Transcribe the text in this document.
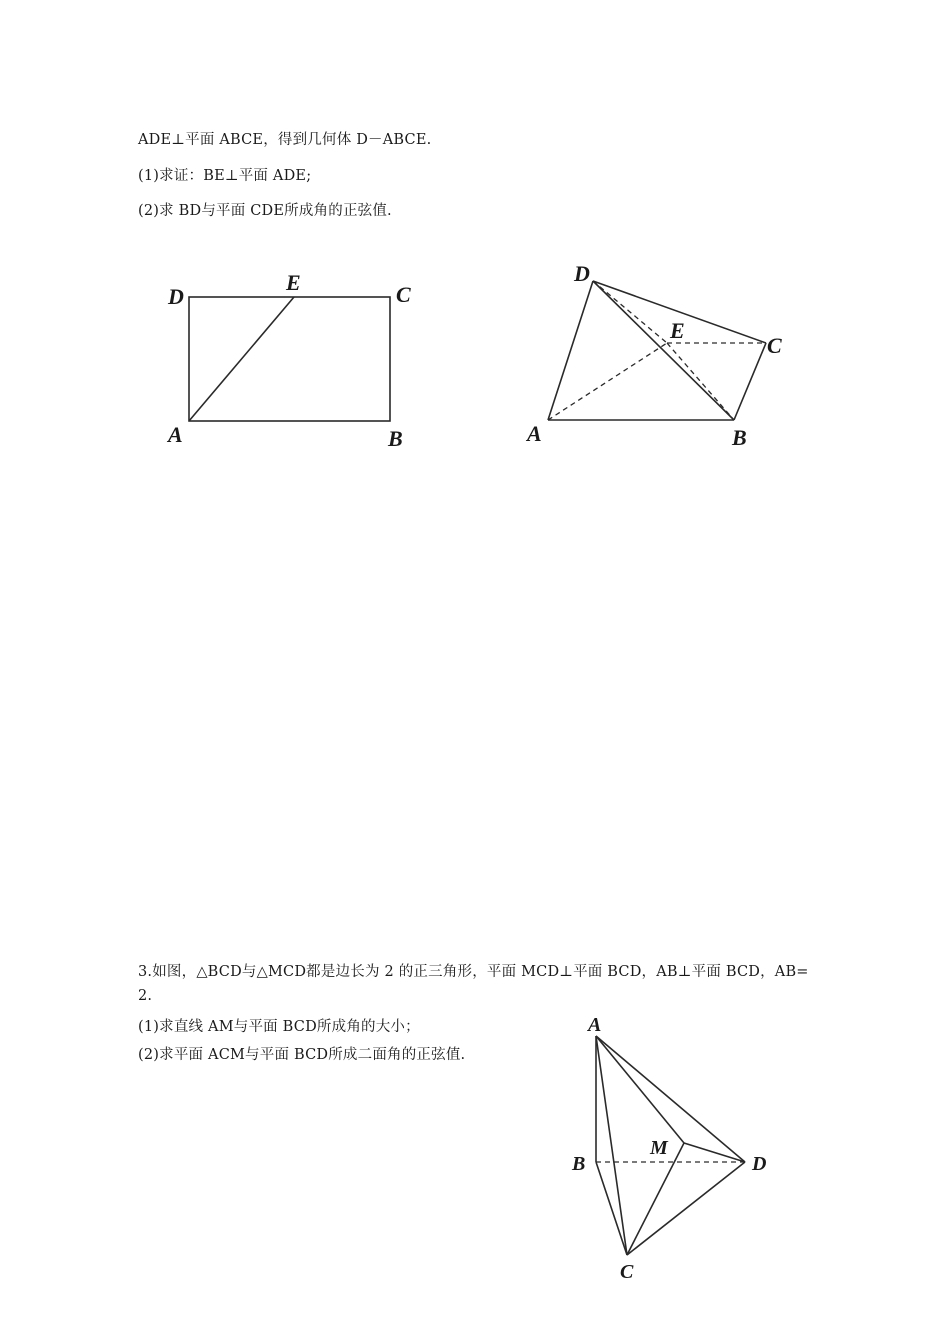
ADE⊥平面 ABCE，得到几何体 D－ABCE.
(1)求证：BE⊥平面 ADE;
(2)求 BD与平面 CDE所成角的正弦值.
D
E	C
A	B
D
E
C
A	B
3.如图，△BCD与△MCD都是边长为 2 的正三角形，平面 MCD⊥平面 BCD，AB⊥平面 BCD，AB=
2.
(1)求直线 AM与平面 BCD所成角的大小；
(2)求平面 ACM与平面 BCD所成二面角的正弦值.
A
B
M
D
C
